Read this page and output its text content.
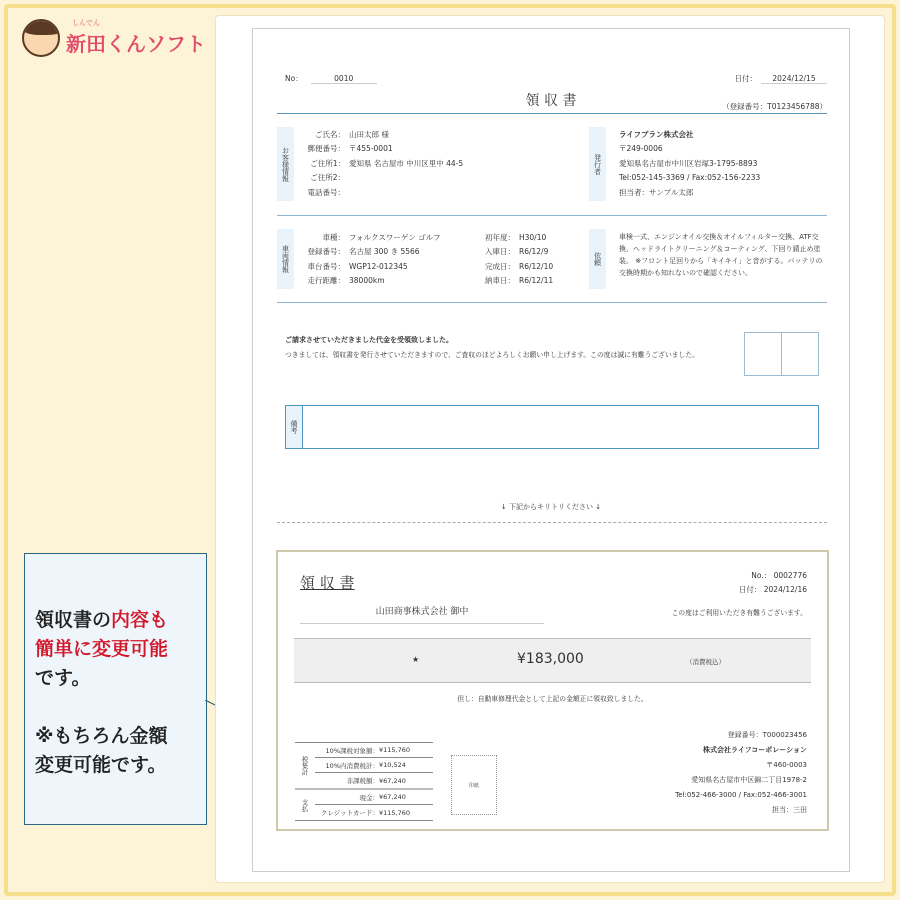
しんでん
新田くんソフト
領収書の内容も
簡単に変更可能
です。
※もちろん金額
変更可能です。
No：	0010	日付： 2024/12/15
領 収 書	（登録番号：T0123456788）
お客様情報
ご氏名： 山田太郎 様
郵便番号： 〒455-0001
ご住所1： 愛知県 名古屋市 中川区里中 44-5
ご住所2：
電話番号：
発行者
ライフプラン株式会社
〒249-0006
愛知県名古屋市中川区岩塚3-1795-8893
Tel:052-145-3369 / Fax:052-156-2233
担当者：サンプル太郎
車両情報
車種： フォルクスワーゲン ゴルフ
登録番号： 名古屋 300 き 5566
車台番号： WGP12-012345
走行距離： 38000km
初年度： H30/10
入庫日： R6/12/9
完成日： R6/12/10
納車日： R6/12/11
依頼
車検一式、エンジンオイル交換＆オイルフィルター交換、ATF交換、ヘッドライトクリーニング＆コーティング、下回り錆止め塗装。 ※フロント足回りから「キイキイ」と音がする。バッテリの交換時期かも知れないので確認ください。
ご請求させていただきました代金を受領致しました。
つきましては、領収書を発行させていただきますので、ご査収のほどよろしくお願い申し上げます。この度は誠に有難うございました。
備考
↓ 下記からキリトリください ↓
領 収 書	No.： 0002776
日付： 2024/12/16
山田商事株式会社 御中	この度はご利用いただき有難うございます。
★	¥183,000	（消費税込）
但し：自動車修理代金として上記の金額正に領収致しました。
税集計
10%課税対象額： ¥115,760
10%内消費税計： ¥10,524
非課税額： ¥67,240
支払
現金： ¥67,240
クレジットカード： ¥115,760
印紙
登録番号：T000023456
株式会社ライフコーポレーション
〒460-0003
愛知県名古屋市中区錦二丁目1978-2
Tel:052-466-3000 / Fax:052-466-3001
担当：三田
